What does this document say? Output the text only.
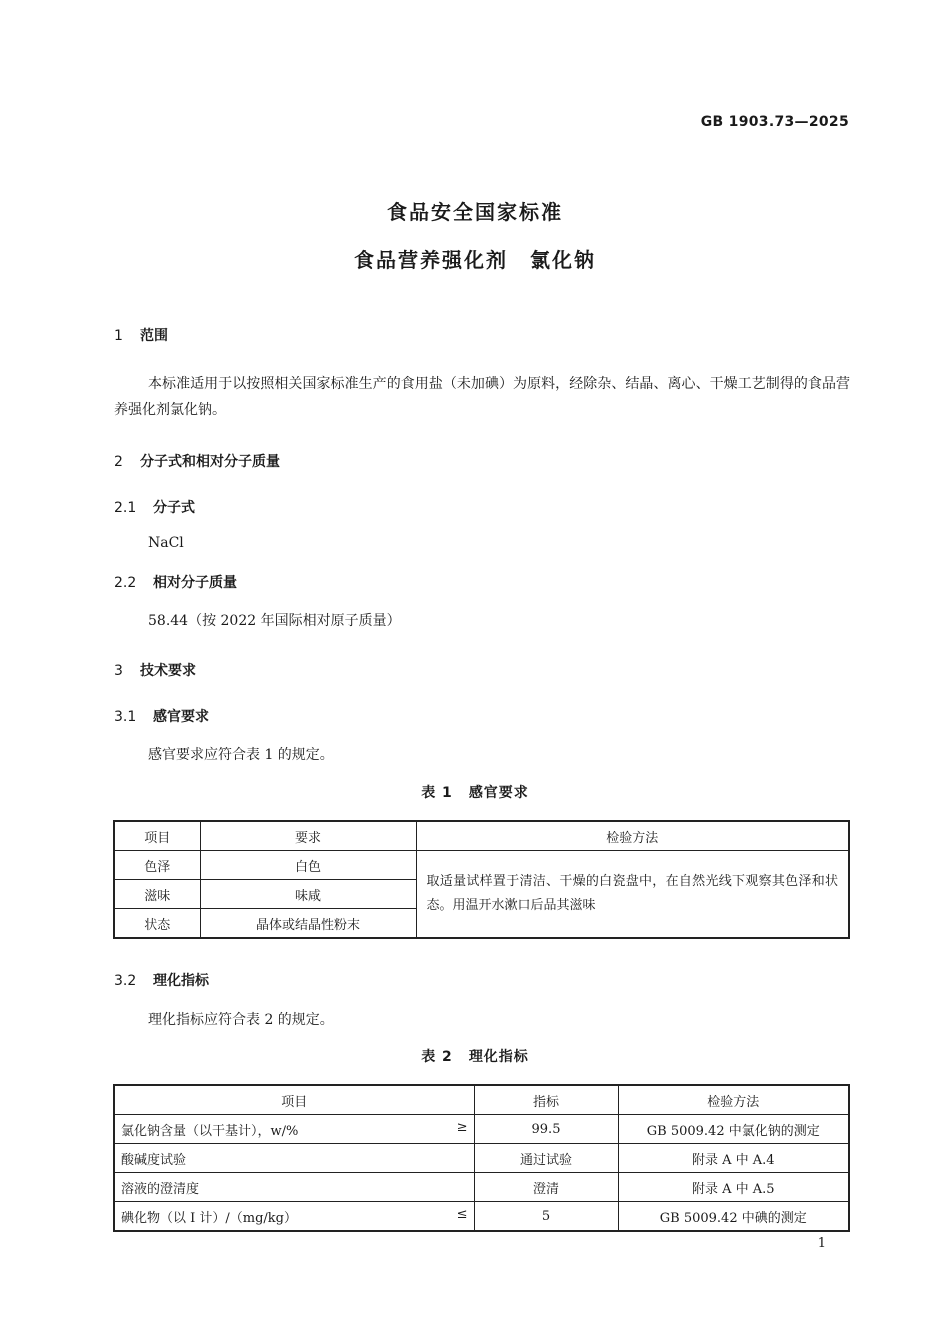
GB 1903.73—2025
食品安全国家标准
食品营养强化剂　氯化钠
1 范围
本标准适用于以按照相关国家标准生产的食用盐（未加碘）为原料，经除杂、结晶、离心、干燥工艺制得的食品营养强化剂氯化钠。
2 分子式和相对分子质量
2.1 分子式
NaCl
2.2 相对分子质量
58.44（按 2022 年国际相对原子质量）
3 技术要求
3.1 感官要求
感官要求应符合表 1 的规定。
表 1 感官要求
项目	要求	检验方法
色泽	白色	取适量试样置于清洁、干燥的白瓷盘中，在自然光线下观察其色泽和状态。用温开水漱口后品其滋味
滋味	味咸	
状态	晶体或结晶性粉末	
3.2 理化指标
理化指标应符合表 2 的规定。
表 2 理化指标
项目	指标	检验方法
氯化钠含量（以干基计），w/% ≥	99.5	GB 5009.42 中氯化钠的测定
酸碱度试验	通过试验	附录 A 中 A.4
溶液的澄清度	澄清	附录 A 中 A.5
碘化物（以 I 计）/（mg/kg） ≤	5	GB 5009.42 中碘的测定
1
